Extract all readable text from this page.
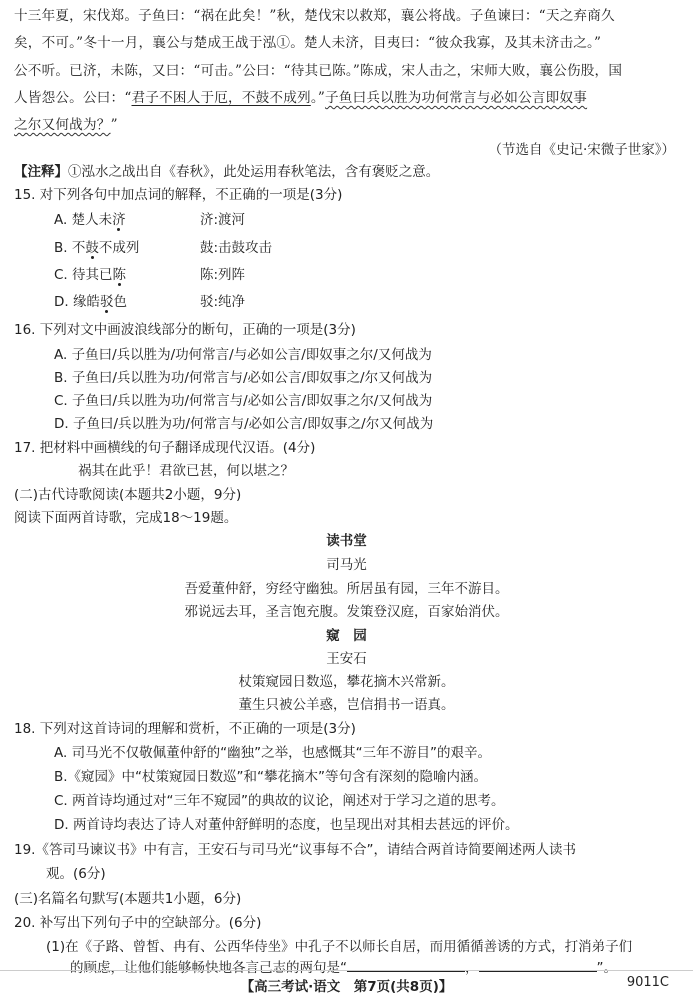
十三年夏，宋伐郑。子鱼曰：“祸在此矣！”秋，楚伐宋以救郑，襄公将战。子鱼谏曰：“天之弃商久
矣，不可。”冬十一月，襄公与楚成王战于泓①。楚人未济，目夷曰：“彼众我寡，及其未济击之。”
公不听。已济，未陈，又曰：“可击。”公曰：“待其已陈。”陈成，宋人击之，宋师大败，襄公伤股，国
人皆怨公。公曰：“君子不困人于厄，不鼓不成列。”子鱼曰兵以胜为功何常言与必如公言即奴事
之尔又何战为？”
（节选自《史记·宋微子世家》）
【注释】①泓水之战出自《春秋》，此处运用春秋笔法，含有褒贬之意。
15. 对下列各句中加点词的解释，不正确的一项是(3分)
A. 楚人未济	济:渡河
B. 不鼓不成列	鼓:击鼓攻击
C. 待其已陈	陈:列阵
D. 缘皓驳色	驳:纯净
16. 下列对文中画波浪线部分的断句，正确的一项是(3分)
A. 子鱼曰/兵以胜为/功何常言/与必如公言/即奴事之尔/又何战为
B. 子鱼曰/兵以胜为功/何常言与/必如公言/即奴事之/尔又何战为
C. 子鱼曰/兵以胜为功/何常言与/必如公言/即奴事之尔/又何战为
D. 子鱼曰/兵以胜为功/何常言与/必如公言/即奴事之/尔又何战为
17. 把材料中画横线的句子翻译成现代汉语。(4分)
祸其在此乎！君欲已甚，何以堪之？
(二)古代诗歌阅读(本题共2小题，9分)
阅读下面两首诗歌，完成18～19题。
读书堂
司马光
吾爱董仲舒，穷经守幽独。所居虽有园，三年不游目。
邪说远去耳，圣言饱充腹。发策登汉庭，百家始消伏。
窥　园
王安石
杖策窥园日数巡，攀花摘木兴常新。
董生只被公羊惑，岂信捐书一语真。
18. 下列对这首诗词的理解和赏析，不正确的一项是(3分)
A. 司马光不仅敬佩董仲舒的“幽独”之举，也感慨其“三年不游目”的艰辛。
B.《窥园》中“杖策窥园日数巡”和“攀花摘木”等句含有深刻的隐喻内涵。
C. 两首诗均通过对“三年不窥园”的典故的议论，阐述对于学习之道的思考。
D. 两首诗均表达了诗人对董仲舒鲜明的态度，也呈现出对其相去甚远的评价。
19.《答司马谏议书》中有言，王安石与司马光“议事每不合”，请结合两首诗简要阐述两人读书
观。(6分)
(三)名篇名句默写(本题共1小题，6分)
20. 补写出下列句子中的空缺部分。(6分)
(1)在《子路、曾皙、冉有、公西华侍坐》中孔子不以师长自居，而用循循善诱的方式，打消弟子们
的顾虑，让他们能够畅快地各言己志的两句是“	，	”。
【高三考试·语文　第7页(共8页)】	9011C
